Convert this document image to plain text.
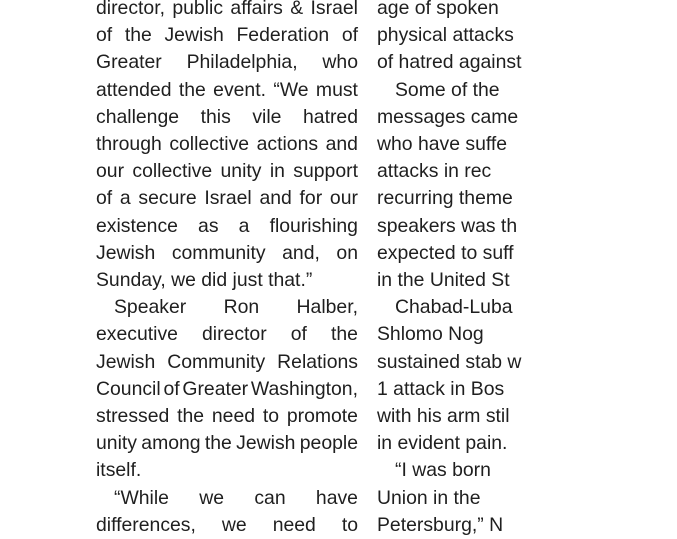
director, public affairs & Israel
of the Jewish Federation of
Greater Philadelphia, who
attended the event. “We must
challenge this vile hatred
through collective actions and
our collective unity in support
of a secure Israel and for our
existence as a flourishing
Jewish community and, on
Sunday, we did just that.”
Speaker Ron Halber,
executive director of the
Jewish Community Relations
Council of Greater Washington,
stressed the need to promote
unity among the Jewish people
itself.
“While we can have
differences, we need to
age of spoken
physical attacks
of hatred against
Some of the
messages came
who have suffe
attacks in rec
recurring theme
speakers was th
expected to suff
in the United St
Chabad-Luba
Shlomo Nog
sustained stab w
1 attack in Bos
with his arm stil
in evident pain.
“I was born
Union in the
Petersburg,” N
